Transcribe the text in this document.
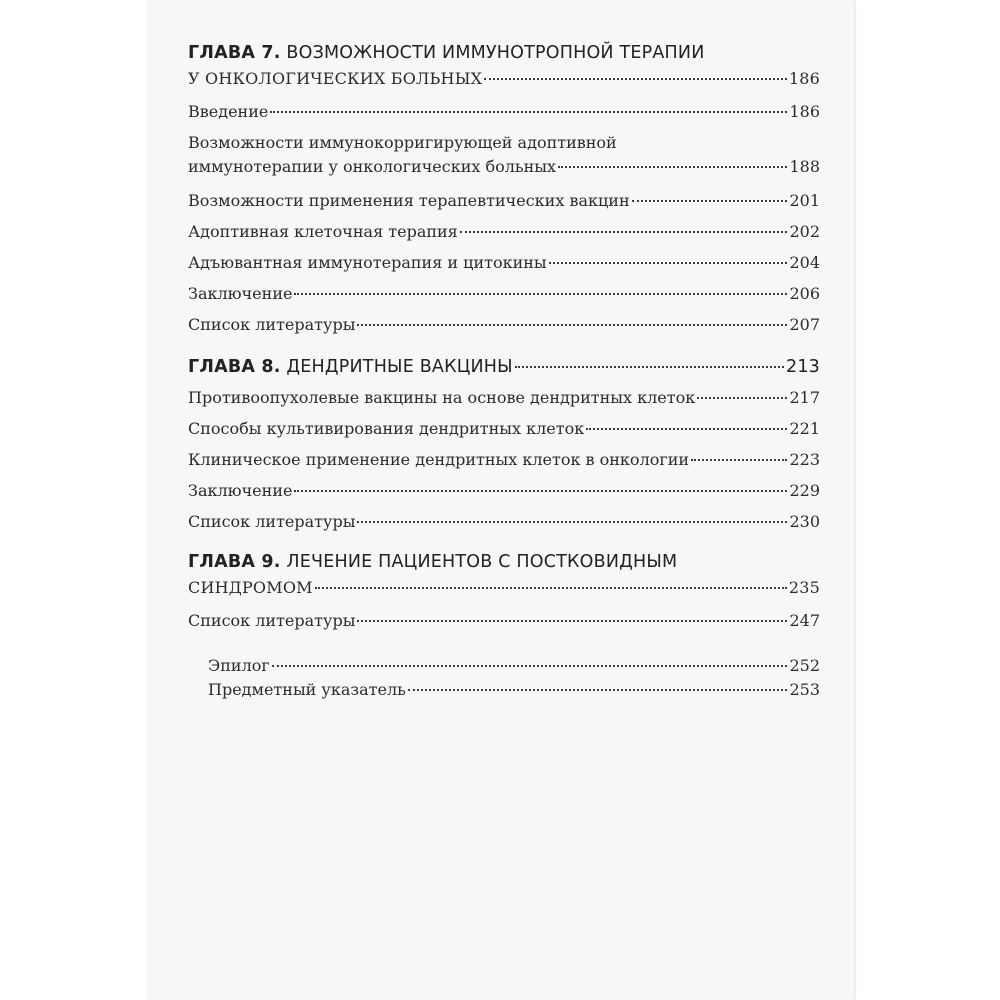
ГЛАВА 7. ВОЗМОЖНОСТИ ИММУНОТРОПНОЙ ТЕРАПИИ
У ОНКОЛОГИЧЕСКИХ БОЛЬНЫХ	186
Введение	186
Возможности иммунокорригирующей адоптивной
иммунотерапии у онкологических больных	188
Возможности применения терапевтических вакцин	201
Адоптивная клеточная терапия	202
Адъювантная иммунотерапия и цитокины	204
Заключение	206
Список литературы	207
ГЛАВА 8. ДЕНДРИТНЫЕ ВАКЦИНЫ	213
Противоопухолевые вакцины на основе дендритных клеток	217
Способы культивирования дендритных клеток	221
Клиническое применение дендритных клеток в онкологии	223
Заключение	229
Список литературы	230
ГЛАВА 9. ЛЕЧЕНИЕ ПАЦИЕНТОВ С ПОСТКОВИДНЫМ
СИНДРОМОМ	235
Список литературы	247
Эпилог	252
Предметный указатель	253
